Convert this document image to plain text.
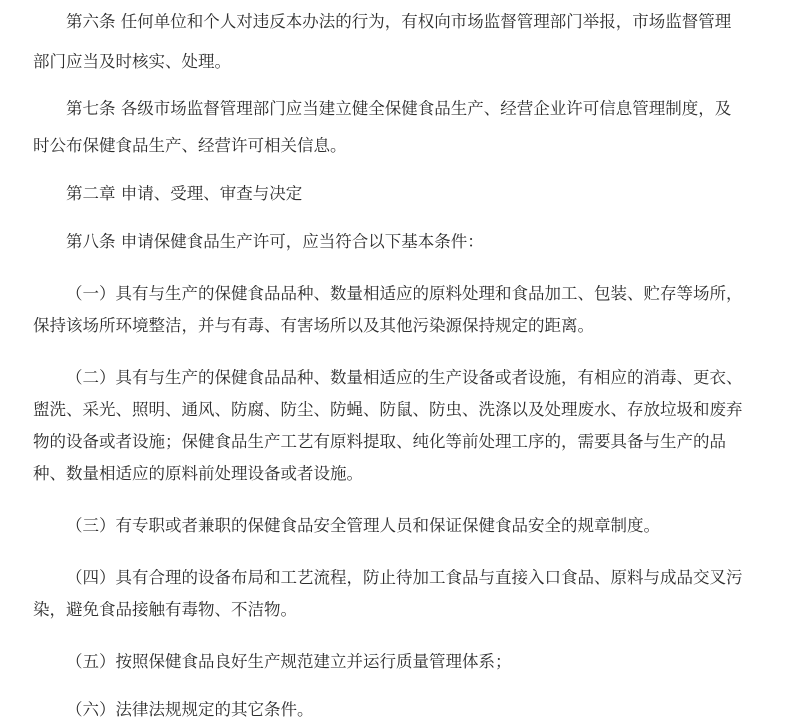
第六条 任何单位和个人对违反本办法的行为，有权向市场监督管理部门举报，市场监督管理
部门应当及时核实、处理。
第七条 各级市场监督管理部门应当建立健全保健食品生产、经营企业许可信息管理制度，及
时公布保健食品生产、经营许可相关信息。
第二章 申请、受理、审查与决定
第八条 申请保健食品生产许可，应当符合以下基本条件：
（一）具有与生产的保健食品品种、数量相适应的原料处理和食品加工、包装、贮存等场所，
保持该场所环境整洁，并与有毒、有害场所以及其他污染源保持规定的距离。
（二）具有与生产的保健食品品种、数量相适应的生产设备或者设施，有相应的消毒、更衣、
盥洗、采光、照明、通风、防腐、防尘、防蝇、防鼠、防虫、洗涤以及处理废水、存放垃圾和废弃
物的设备或者设施；保健食品生产工艺有原料提取、纯化等前处理工序的，需要具备与生产的品
种、数量相适应的原料前处理设备或者设施。
（三）有专职或者兼职的保健食品安全管理人员和保证保健食品安全的规章制度。
（四）具有合理的设备布局和工艺流程，防止待加工食品与直接入口食品、原料与成品交叉污
染，避免食品接触有毒物、不洁物。
（五）按照保健食品良好生产规范建立并运行质量管理体系；
（六）法律法规规定的其它条件。
